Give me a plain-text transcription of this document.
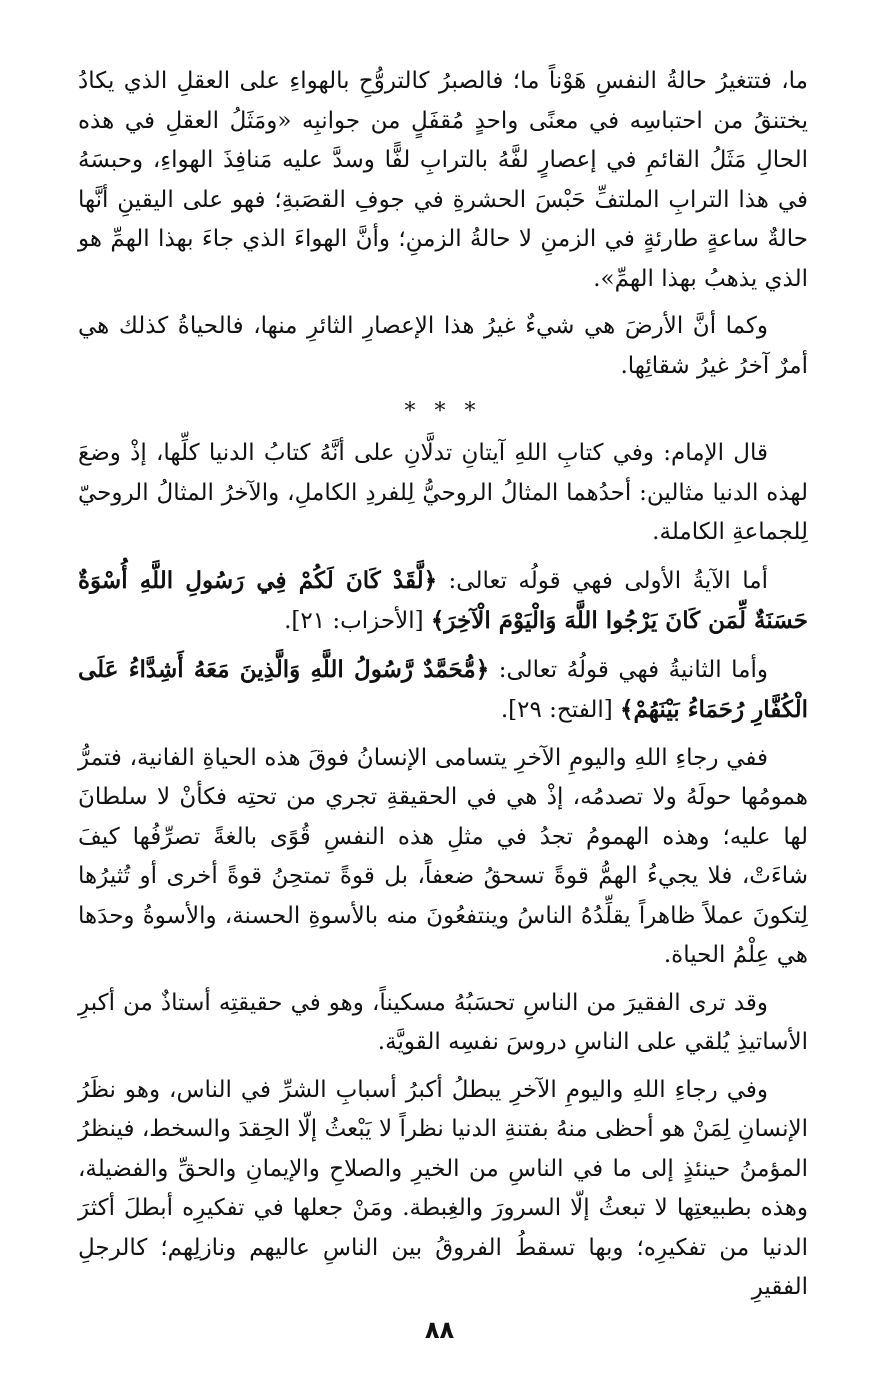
ما، فتتغيرُ حالةُ النفسِ هَوْناً ما؛ فالصبرُ كالتروُّحِ بالهواءِ على العقلِ الذي يكادُ يختنقُ من احتباسِه في معنًى واحدٍ مُقفَلٍ من جوانبِه «ومَثَلُ العقلِ في هذه الحالِ مَثَلُ القائمِ في إعصارٍ لفَّهُ بالترابِ لفًّا وسدَّ عليه مَنافِذَ الهواءِ، وحبسَهُ في هذا الترابِ الملتفِّ حَبْسَ الحشرةِ في جوفِ القصَبةِ؛ فهو على اليقينِ أنَّها حالةٌ ساعةٍ طارئةٍ في الزمنِ لا حالةُ الزمنِ؛ وأنَّ الهواءَ الذي جاءَ بهذا الهمِّ هو الذي يذهبُ بهذا الهمِّ».

وكما أنَّ الأرضَ هي شيءٌ غيرُ هذا الإعصارِ الثائرِ منها، فالحياةُ كذلك هي أمرٌ آخرُ غيرُ شقائِها.

* * *

قال الإمام: وفي كتابِ اللهِ آيتانِ تدلَّانِ على أنَّهُ كتابُ الدنيا كلِّها، إذْ وضعَ لهذه الدنيا مثالين: أحدُهما المثالُ الروحيُّ لِلفردِ الكاملِ، والآخرُ المثالُ الروحيّ لِلجماعةِ الكاملة.

أما الآيةُ الأولى فهي قولُه تعالى: ﴿لَّقَدْ كَانَ لَكُمْ فِي رَسُولِ اللَّهِ أُسْوَةٌ حَسَنَةٌ لِّمَن كَانَ يَرْجُوا اللَّهَ وَالْيَوْمَ الْآخِرَ﴾ [الأحزاب: ٢١].

وأما الثانيةُ فهي قولُهُ تعالى: ﴿مُّحَمَّدٌ رَّسُولُ اللَّهِ وَالَّذِينَ مَعَهُ أَشِدَّاءُ عَلَى الْكُفَّارِ رُحَمَاءُ بَيْنَهُمْ﴾ [الفتح: ٢٩].

ففي رجاءِ اللهِ واليومِ الآخرِ يتسامى الإنسانُ فوقَ هذه الحياةِ الفانية، فتمرُّ همومُها حولَهُ ولا تصدمُه، إذْ هي في الحقيقةِ تجري من تحتِه فكأنْ لا سلطانَ لها عليه؛ وهذه الهمومُ تجدُ في مثلِ هذه النفسِ قُوًى بالغةً تصرِّفُها كيفَ شاءَتْ، فلا يجيءُ الهمُّ قوةً تسحقُ ضعفاً، بل قوةً تمتحِنُ قوةً أخرى أو تُثيرُها لِتكونَ عملاً ظاهراً يقلِّدُهُ الناسُ وينتفعُونَ منه بالأسوةِ الحسنة، والأسوةُ وحدَها هي عِلْمُ الحياة.

وقد ترى الفقيرَ من الناسِ تحسَبُهُ مسكيناً، وهو في حقيقتِه أستاذٌ من أكبرِ الأساتيذِ يُلقي على الناسِ دروسَ نفسِه القويَّة.

وفي رجاءِ اللهِ واليومِ الآخرِ يبطلُ أكبرُ أسبابِ الشرِّ في الناس، وهو نظَرُ الإنسانِ لِمَنْ هو أحظى منهُ بفتنةِ الدنيا نظراً لا يَبْعثُ إلّا الحِقدَ والسخط، فينظرُ المؤمنُ حينئذٍ إلى ما في الناسِ من الخيرِ والصلاحِ والإيمانِ والحقِّ والفضيلة، وهذه بطبيعتِها لا تبعثُ إلّا السرورَ والغِبطة. ومَنْ جعلها في تفكيرِه أبطلَ أكثرَ الدنيا من تفكيرِه؛ وبها تسقطُ الفروقُ بين الناسِ عاليهم ونازلِهم؛ كالرجلِ الفقيرِ

٨٨
